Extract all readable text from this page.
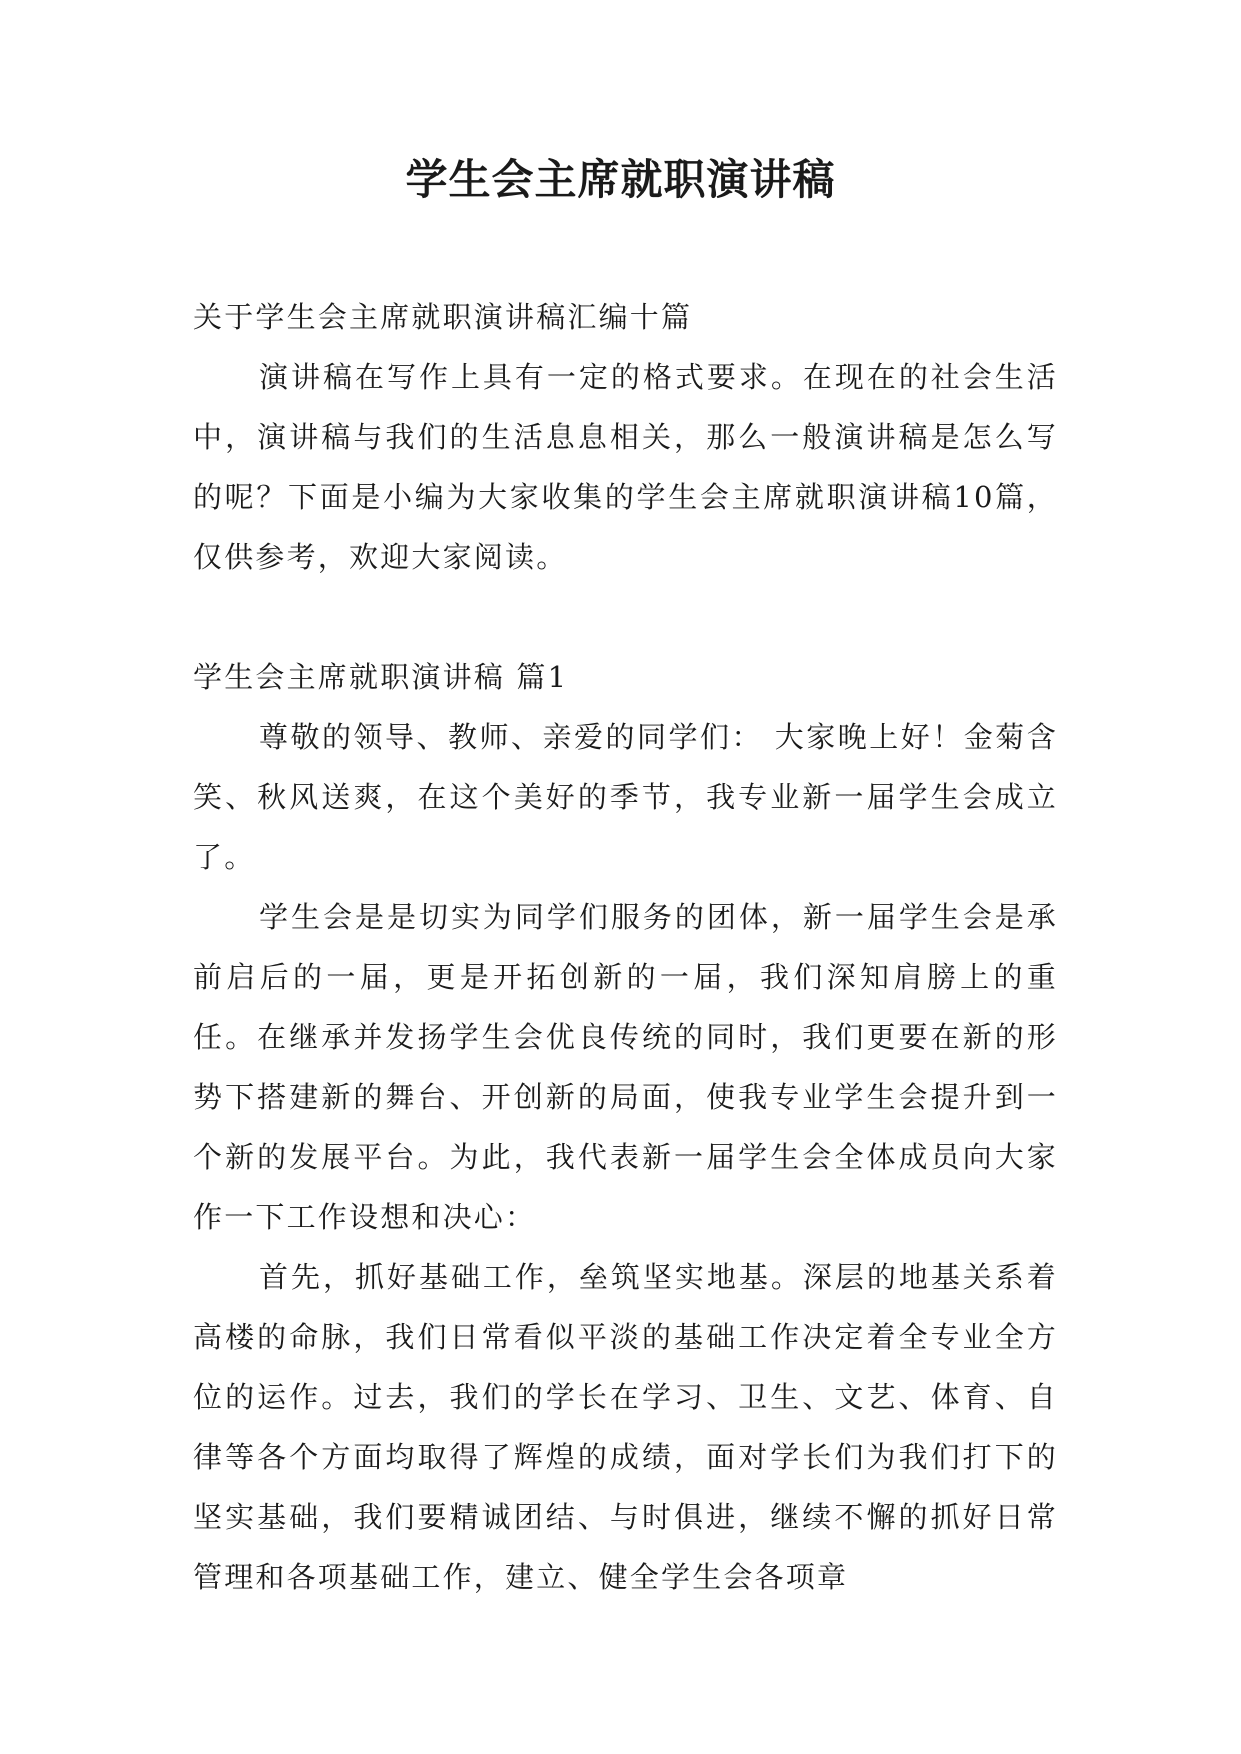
学生会主席就职演讲稿

关于学生会主席就职演讲稿汇编十篇

演讲稿在写作上具有一定的格式要求。在现在的社会生活中，演讲稿与我们的生活息息相关，那么一般演讲稿是怎么写的呢？下面是小编为大家收集的学生会主席就职演讲稿10篇，仅供参考，欢迎大家阅读。

学生会主席就职演讲稿 篇1

尊敬的领导、教师、亲爱的同学们： 大家晚上好！金菊含笑、秋风送爽，在这个美好的季节，我专业新一届学生会成立了。

学生会是是切实为同学们服务的团体，新一届学生会是承前启后的一届，更是开拓创新的一届，我们深知肩膀上的重任。在继承并发扬学生会优良传统的同时，我们更要在新的形势下搭建新的舞台、开创新的局面，使我专业学生会提升到一个新的发展平台。为此，我代表新一届学生会全体成员向大家作一下工作设想和决心：

首先，抓好基础工作，垒筑坚实地基。深层的地基关系着高楼的命脉，我们日常看似平淡的基础工作决定着全专业全方位的运作。过去，我们的学长在学习、卫生、文艺、体育、自律等各个方面均取得了辉煌的成绩，面对学长们为我们打下的坚实基础，我们要精诚团结、与时俱进，继续不懈的抓好日常管理和各项基础工作，建立、健全学生会各项章
